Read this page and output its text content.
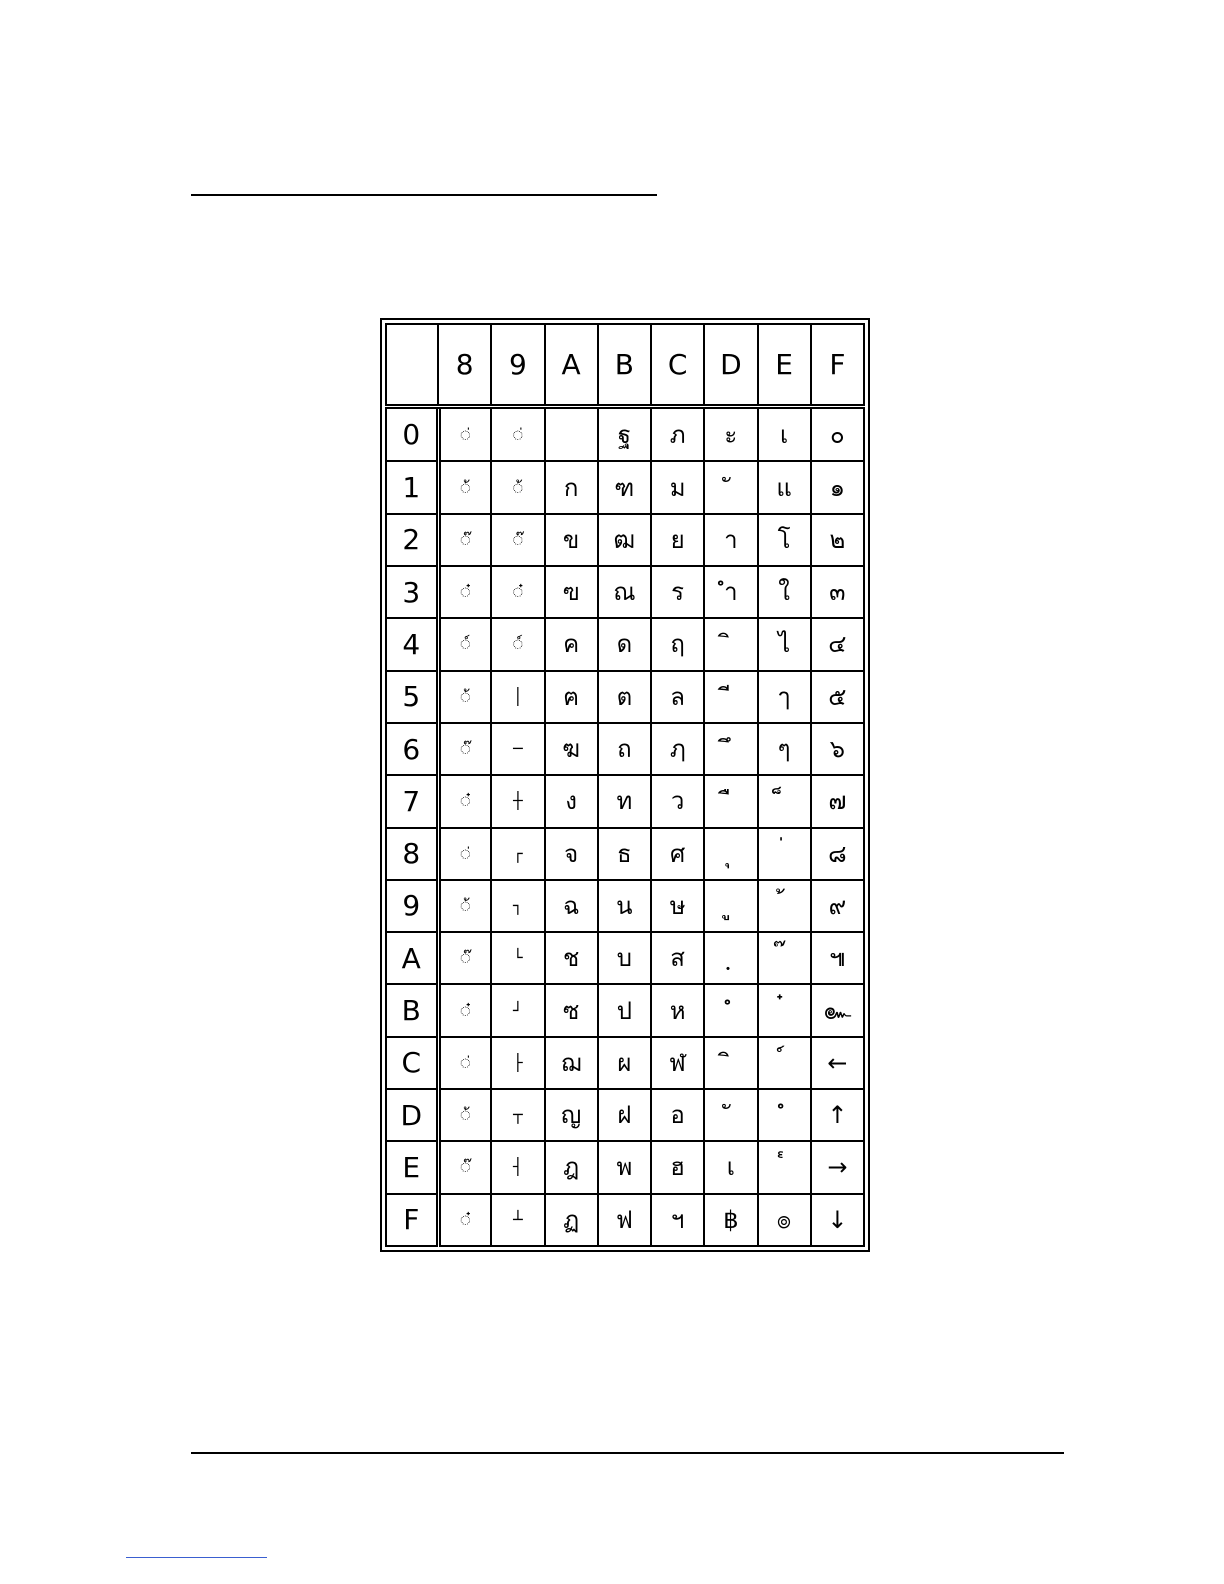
	8	9	A	B	C	D	E	F
0	◌่	◌่		ฐ	ภ	ะ	เ	๐
1	◌้	◌้	ก	ฑ	ม		แ	๑
2	◌๊	◌๊	ข	ฒ	ย	า	โ	๒
3	◌๋	◌๋	ฃ	ณ	ร	ำ	ใ	๓
4	◌์	◌์	ค	ด	ฤ		ไ	๔
5	◌้	│	ฅ	ต	ล		ๅ	๕
6	◌๊	─	ฆ	ถ	ฦ		ๆ	๖
7	◌๋	┼	ง	ท	ว			๗
8	◌่	┌	จ	ธ	ศ			๘
9	◌้	┐	ฉ	น	ษ			๙
A	◌๊	└	ช	บ	ส			๚
B	◌๋	┘	ซ	ป	ห			๛
C	◌่	├	ฌ	ผ	ฬ			←
D	◌้	┬	ญ	ฝ	อ			↑
E	◌๊	┤	ฎ	พ	ฮ	เ		→
F	◌๋	┴	ฏ	ฟ	ฯ	฿	๏	↓
